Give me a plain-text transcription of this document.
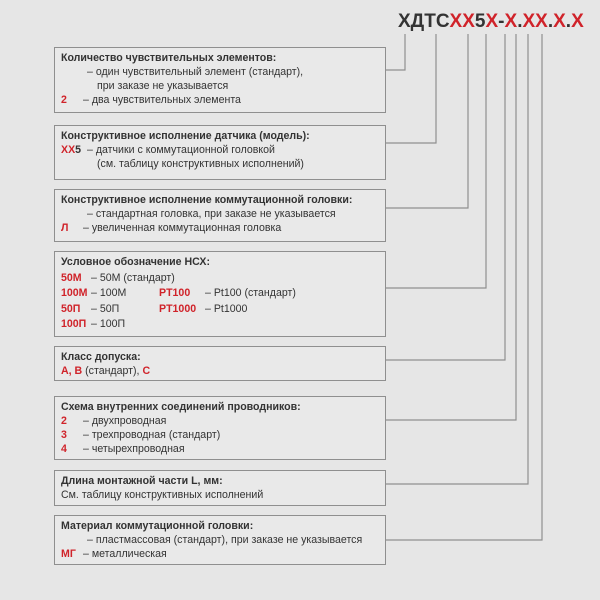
ХДТСХХ5Х-Х.ХХ.Х.Х
Количество чувствительных элементов:
– один чувствительный элемент (стандарт),
при заказе не указывается
2 – два чувствительных элемента
Конструктивное исполнение датчика (модель):
ХХ5 – датчики с коммутационной головкой
(см. таблицу конструктивных исполнений)
Конструктивное исполнение коммутационной головки:
– стандартная головка, при заказе не указывается
Л – увеличенная коммутационная головка
Условное обозначение НСХ:
50М – 50М (стандарт)
100М – 100М	PT100 – Pt100 (стандарт)
50П – 50П	PT1000 – Pt1000
100П – 100П
Класс допуска:
А, В (стандарт), С
Схема внутренних соединений проводников:
2 – двухпроводная
3 – трехпроводная (стандарт)
4 – четырехпроводная
Длина монтажной части L, мм:
См. таблицу конструктивных исполнений
Материал коммутационной головки:
– пластмассовая (стандарт), при заказе не указывается
МГ – металлическая
